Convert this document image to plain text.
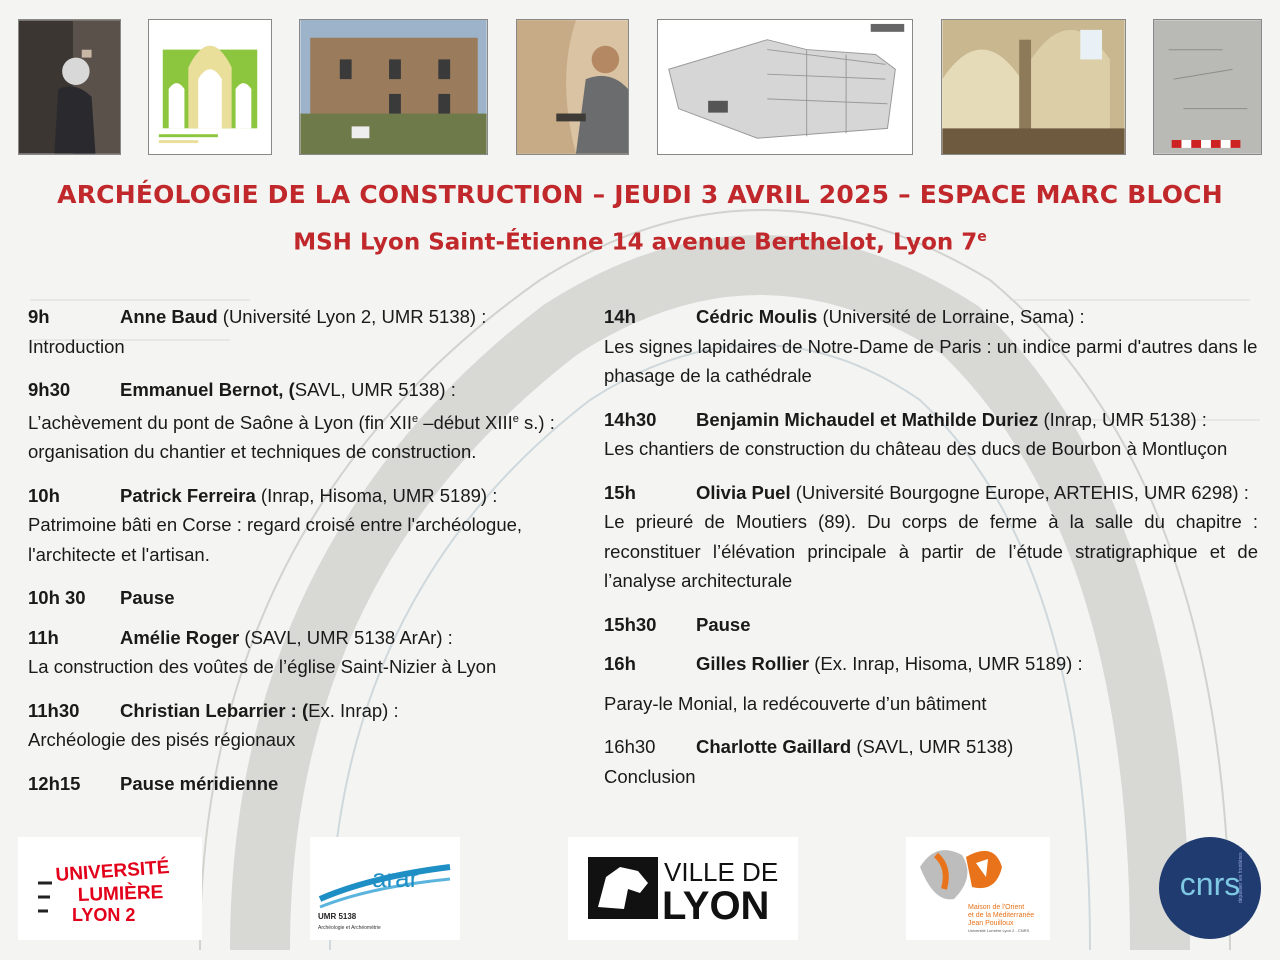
ARCHÉOLOGIE DE LA CONSTRUCTION – JEUDI 3 AVRIL 2025 – ESPACE MARC BLOCH
MSH Lyon Saint-Étienne 14 avenue Berthelot, Lyon 7e
9h	Anne Baud (Université Lyon 2, UMR 5138) :
Introduction
9h30	Emmanuel Bernot, (SAVL, UMR 5138) :
L’achèvement du pont de Saône à Lyon (fin XIIe –début XIIIe s.) : organisation du chantier et techniques de construction.
10h	Patrick Ferreira (Inrap, Hisoma, UMR 5189) :
Patrimoine bâti en Corse : regard croisé entre l'archéologue, l'architecte et l'artisan.
10h 30	Pause
11h	Amélie Roger (SAVL, UMR 5138 ArAr) :
La construction des voûtes de l’église Saint-Nizier à Lyon
11h30	Christian Lebarrier : (Ex. Inrap) :
Archéologie des pisés régionaux
12h15	Pause méridienne
14h	Cédric Moulis (Université de Lorraine, Sama) :
Les signes lapidaires de Notre-Dame de Paris : un indice parmi d'autres dans le phasage de la cathédrale
14h30	Benjamin Michaudel et Mathilde Duriez (Inrap, UMR 5138) :
Les chantiers de construction du château des ducs de Bourbon à Montluçon
15h	Olivia Puel (Université Bourgogne Europe, ARTEHIS, UMR 6298) :
Le prieuré de Moutiers (89). Du corps de ferme à la salle du chapitre : reconstituer l’élévation principale à partir de l’étude stratigraphique et de l’analyse architecturale
15h30	Pause
16h	Gilles Rollier (Ex. Inrap, Hisoma, UMR 5189) :
Paray-le Monial, la redécouverte d’un bâtiment
16h30	Charlotte Gaillard (SAVL, UMR 5138)
Conclusion
UNIVERSITÉ
LUMIÈRE
LYON 2
arar
UMR 5138
Archéologie et Archéométrie
VILLE DE
LYON	Maison de l'Orient
et de la Méditerranée
Jean Pouilloux
Université Lumière Lyon 2 - CNRS
cnrs
dépasser les frontières
